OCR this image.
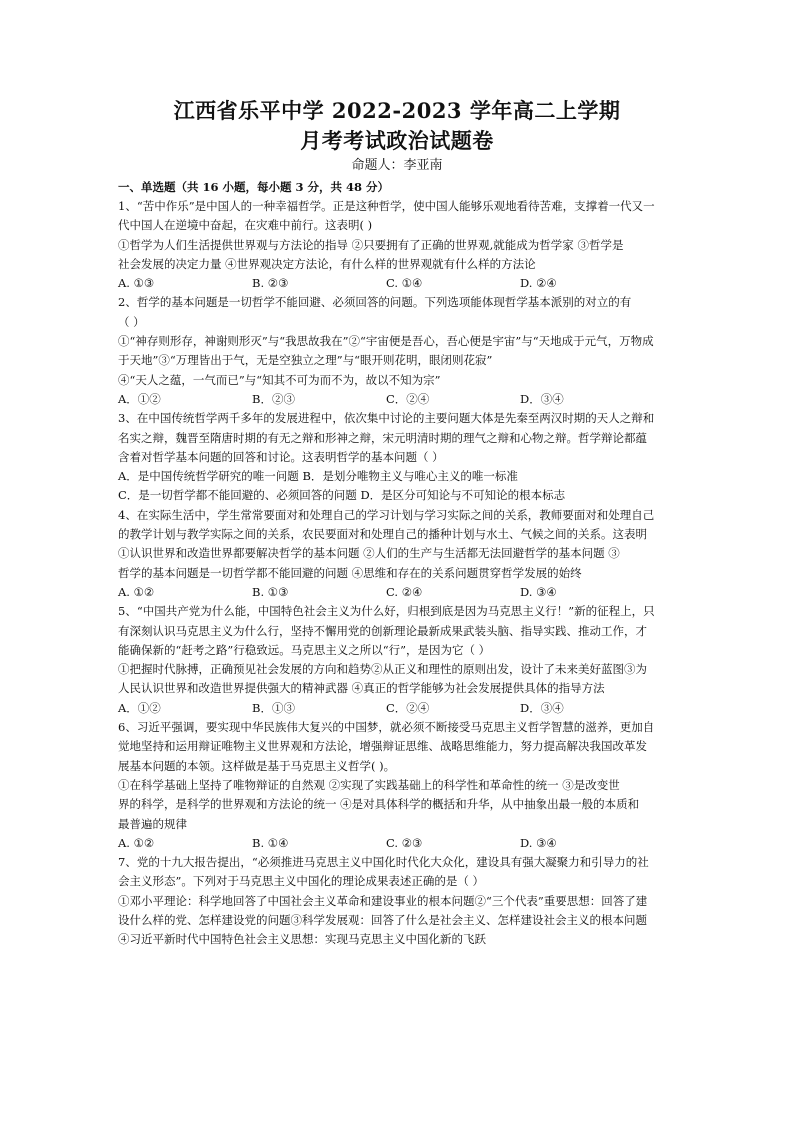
江西省乐平中学 2022-2023 学年高二上学期
月考考试政治试题卷
命题人：李亚南
一、单选题（共 16 小题，每小题 3 分，共 48 分）
1、“苦中作乐”是中国人的一种幸福哲学。正是这种哲学，使中国人能够乐观地看待苦难，支撑着一代又一
代中国人在逆境中奋起，在灾难中前行。这表明( )
①哲学为人们生活提供世界观与方法论的指导 ②只要拥有了正确的世界观,就能成为哲学家 ③哲学是
社会发展的决定力量 ④世界观决定方法论，有什么样的世界观就有什么样的方法论
A. ①③	B. ②③	C. ①④	D. ②④
2、哲学的基本问题是一切哲学不能回避、必须回答的问题。下列选项能体现哲学基本派别的对立的有
（ ）
①“神存则形存，神谢则形灭”与“我思故我在”②“宇宙便是吾心，吾心便是宇宙”与“天地成于元气，万物成
于天地”③“万理皆出于气，无是空独立之理”与“眼开则花明，眼闭则花寂”
④“天人之蕴，一气而已”与“知其不可为而不为，故以不知为宗”
A．①②	B．②③	C．②④	D．③④
3、在中国传统哲学两千多年的发展进程中，依次集中讨论的主要问题大体是先秦至两汉时期的天人之辩和
名实之辩，魏晋至隋唐时期的有无之辩和形神之辩，宋元明清时期的理气之辩和心物之辩。哲学辩论都蕴
含着对哲学基本问题的回答和讨论。这表明哲学的基本问题（ ）
A．是中国传统哲学研究的唯一问题 B．是划分唯物主义与唯心主义的唯一标准
C．是一切哲学都不能回避的、必须回答的问题 D．是区分可知论与不可知论的根本标志
4、在实际生活中，学生常常要面对和处理自己的学习计划与学习实际之间的关系，教师要面对和处理自己
的教学计划与教学实际之间的关系，农民要面对和处理自己的播种计划与水土、气候之间的关系。这表明
①认识世界和改造世界都要解决哲学的基本问题 ②人们的生产与生活都无法回避哲学的基本问题 ③
哲学的基本问题是一切哲学都不能回避的问题 ④思维和存在的关系问题贯穿哲学发展的始终
A. ①②	B. ①③	C. ②④	D. ③④
5、“中国共产党为什么能，中国特色社会主义为什么好，归根到底是因为马克思主义行！”新的征程上，只
有深刻认识马克思主义为什么行，坚持不懈用党的创新理论最新成果武装头脑、指导实践、推动工作，才
能确保新的“赶考之路”行稳致远。马克思主义之所以“行”，是因为它（ ）
①把握时代脉搏，正确预见社会发展的方向和趋势②从正义和理性的原则出发，设计了未来美好蓝图③为
人民认识世界和改造世界提供强大的精神武器 ④真正的哲学能够为社会发展提供具体的指导方法
A．①②	B．①③	C．②④	D．③④
6、习近平强调，要实现中华民族伟大复兴的中国梦，就必须不断接受马克思主义哲学智慧的滋养，更加自
觉地坚持和运用辩证唯物主义世界观和方法论，增强辩证思维、战略思维能力，努力提高解决我国改革发
展基本问题的本领。这样做是基于马克思主义哲学( )。
①在科学基础上坚持了唯物辩证的自然观 ②实现了实践基础上的科学性和革命性的统一 ③是改变世
界的科学，是科学的世界观和方法论的统一 ④是对具体科学的概括和升华，从中抽象出最一般的本质和
最普遍的规律
A. ①②	B. ①④	C. ②③	D. ③④
7、党的十九大报告提出，“必须推进马克思主义中国化时代化大众化，建设具有强大凝聚力和引导力的社
会主义形态”。下列对于马克思主义中国化的理论成果表述正确的是（ ）
①邓小平理论：科学地回答了中国社会主义革命和建设事业的根本问题②“三个代表”重要思想：回答了建
设什么样的党、怎样建设党的问题③科学发展观：回答了什么是社会主义、怎样建设社会主义的根本问题
④习近平新时代中国特色社会主义思想：实现马克思主义中国化新的飞跃
